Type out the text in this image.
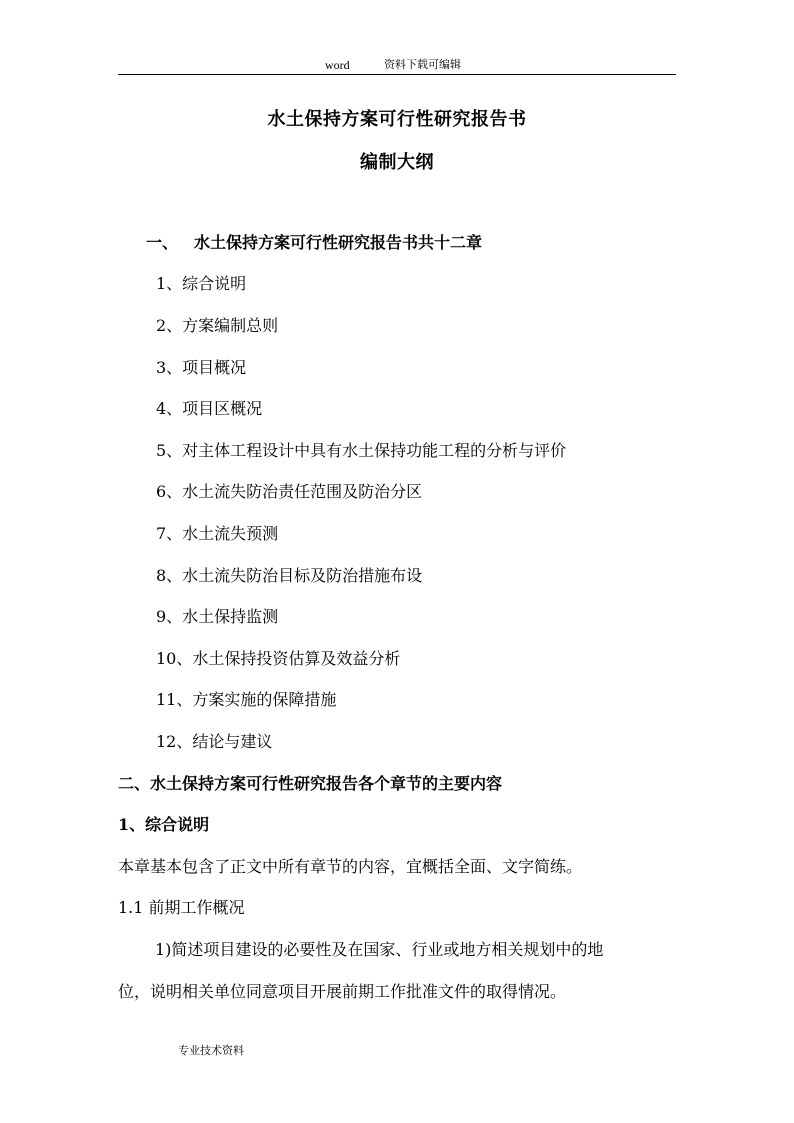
word	资料下载可编辑
水土保持方案可行性研究报告书
编制大纲
一、 水土保持方案可行性研究报告书共十二章
1、综合说明
2、方案编制总则
3、项目概况
4、项目区概况
5、对主体工程设计中具有水土保持功能工程的分析与评价
6、水土流失防治责任范围及防治分区
7、水土流失预测
8、水土流失防治目标及防治措施布设
9、水土保持监测
10、水土保持投资估算及效益分析
11、方案实施的保障措施
12、结论与建议
二、水土保持方案可行性研究报告各个章节的主要内容
1、综合说明
本章基本包含了正文中所有章节的内容，宜概括全面、文字简练。
1.1 前期工作概况
1)简述项目建设的必要性及在国家、行业或地方相关规划中的地
位，说明相关单位同意项目开展前期工作批准文件的取得情况。
专业技术资料
